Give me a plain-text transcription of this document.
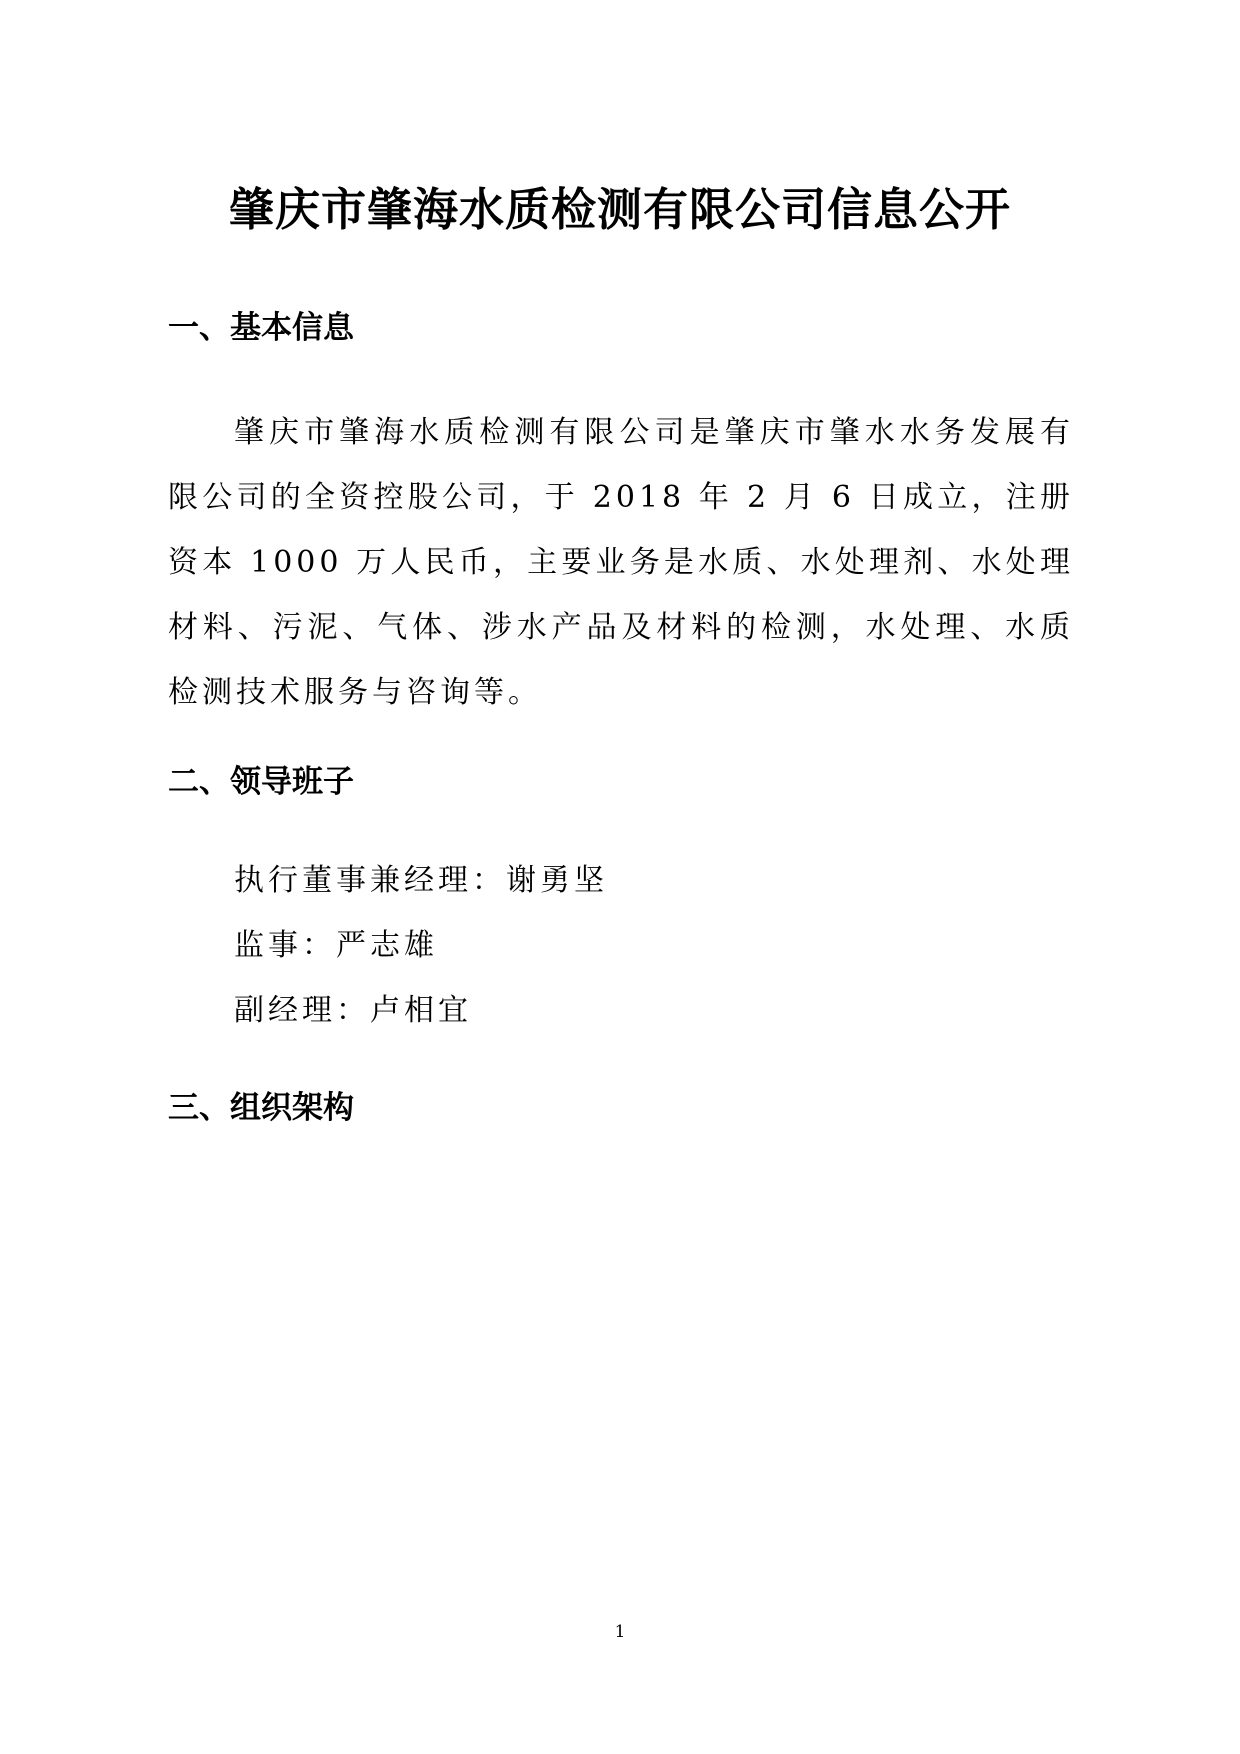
肇庆市肇海水质检测有限公司信息公开
一、基本信息

肇庆市肇海水质检测有限公司是肇庆市肇水水务发展有限公司的全资控股公司，于 2018 年 2 月 6 日成立，注册资本 1000 万人民币，主要业务是水质、水处理剂、水处理材料、污泥、气体、涉水产品及材料的检测，水处理、水质检测技术服务与咨询等。

二、领导班子
执行董事兼经理：谢勇坚
监事：严志雄
副经理：卢相宜
三、组织架构
1
